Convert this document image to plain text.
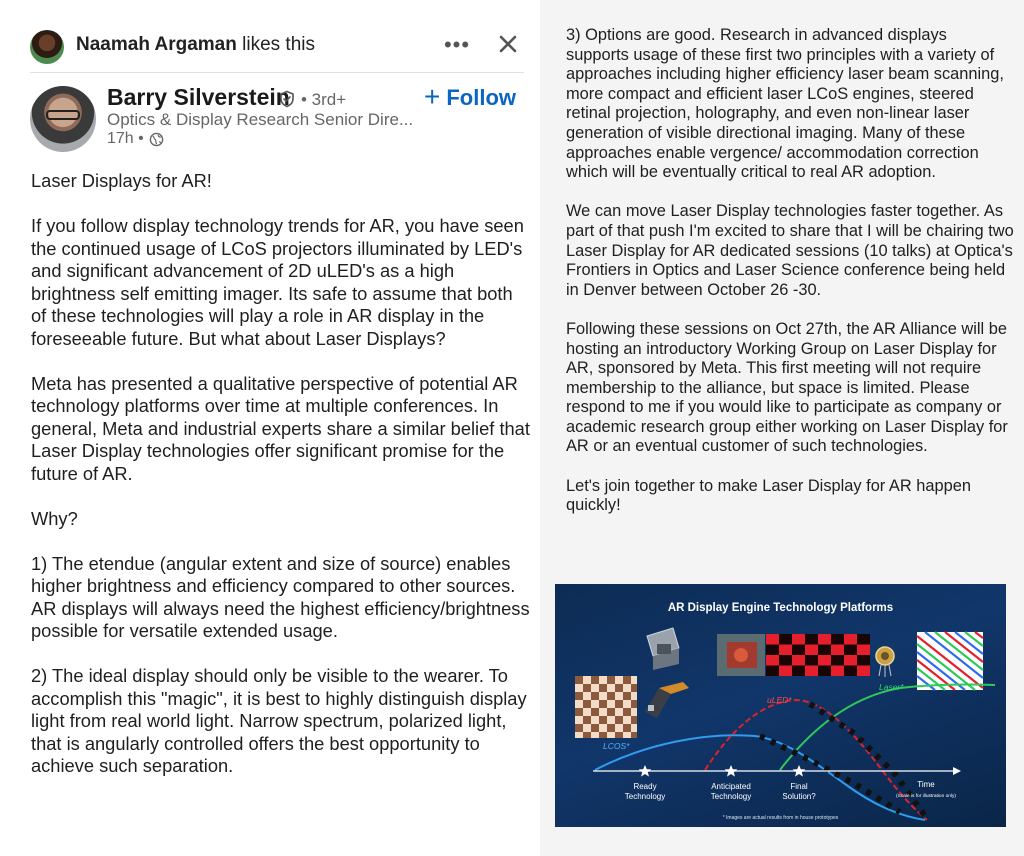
Naamah Argaman likes this	•••
Barry Silverstein • 3rd+	+ Follow
Optics & Display Research Senior Dire...
17h •

Laser Displays for AR!

If you follow display technology trends for AR, you have seen the continued usage of LCoS projectors illuminated by LED's and significant advancement of 2D uLED's as a high brightness self emitting imager. Its safe to assume that both of these technologies will play a role in AR display in the foreseeable future. But what about Laser Displays?

Meta has presented a qualitative perspective of potential AR technology platforms over time at multiple conferences. In general, Meta and industrial experts share a similar belief that Laser Display technologies offer significant promise for the future of AR.

Why?

1) The etendue (angular extent and size of source) enables higher brightness and efficiency compared to other sources. AR displays will always need the highest efficiency/brightness possible for versatile extended usage.

2) The ideal display should only be visible to the wearer. To accomplish this "magic", it is best to highly distinguish display light from real world light. Narrow spectrum, polarized light, that is angularly controlled offers the best opportunity to achieve such separation.

3) Options are good. Research in advanced displays supports usage of these first two principles with a variety of approaches including higher efficiency laser beam scanning, more compact and efficient laser LCoS engines, steered retinal projection, holography, and even non-linear laser generation of visible directional imaging. Many of these approaches enable vergence/ accommodation correction which will be eventually critical to real AR adoption.

We can move Laser Display technologies faster together. As part of that push I'm excited to share that I will be chairing two Laser Display for AR dedicated sessions (10 talks) at Optica's Frontiers in Optics and Laser Science conference being held in Denver between October 26 -30.

Following these sessions on Oct 27th, the AR Alliance will be hosting an introductory Working Group on Laser Display for AR, sponsored by Meta. This first meeting will not require membership to the alliance, but space is limited. Please respond to me if you would like to participate as company or academic research group either working on Laser Display for AR or an eventual customer of such technologies.

Let's join together to make Laser Display for AR happen quickly!

AR Display Engine Technology Platforms
LCOS*
uLED*
Laser*
Ready
Technology
Anticipated
Technology
Final
Solution?
Time
(Scale is for illustration only)
* Images are actual results from in house prototypes
